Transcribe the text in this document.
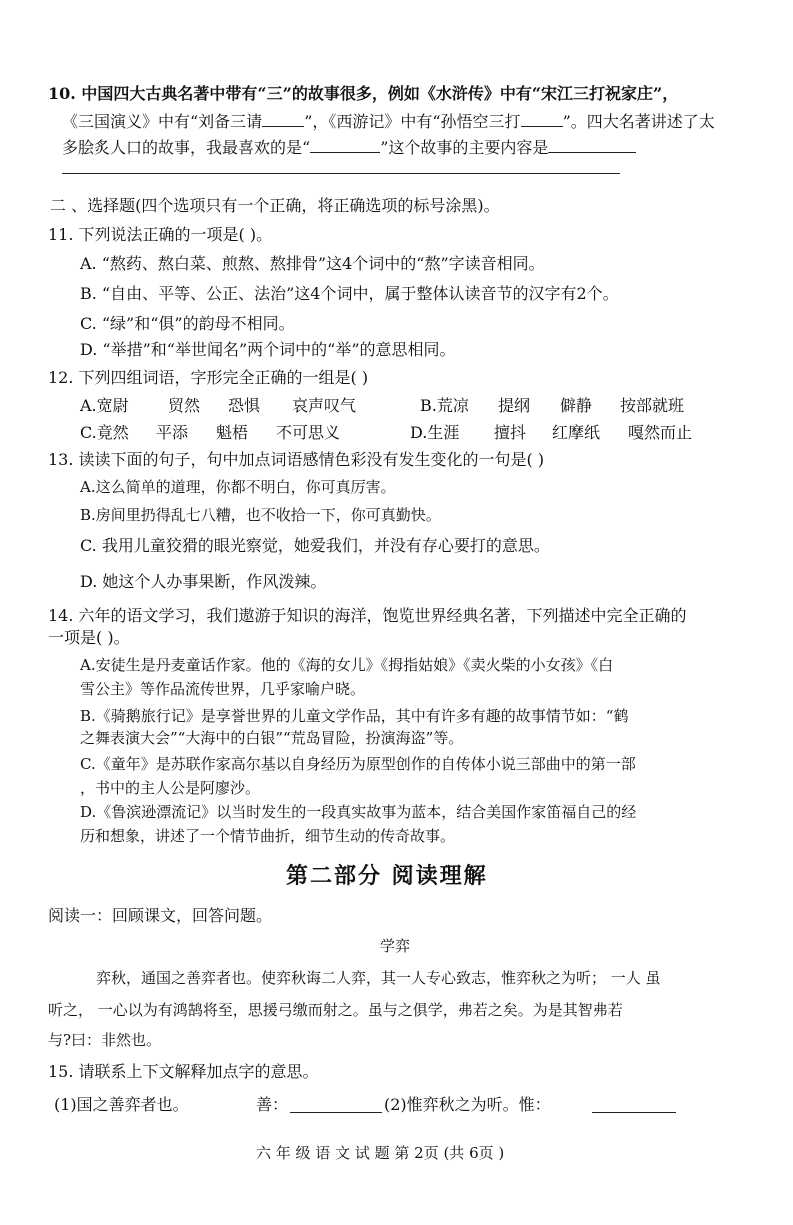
10. 中国四大古典名著中带有“三”的故事很多，例如《水浒传》中有“宋江三打祝家庄”，
《三国演义》中有“刘备三请	”，《西游记》中有“孙悟空三打	”。四大名著讲述了太
多脍炙人口的故事，我最喜欢的是“	”这个故事的主要内容是
二 、选择题(四个选项只有一个正确，将正确选项的标号涂黑)。
11. 下列说法正确的一项是( )。
A. “熬药、熬白菜、煎熬、熬排骨”这4个词中的“熬”字读音相同。
B. “自由、平等、公正、法治”这4个词中，属于整体认读音节的汉字有2个。
C. “绿”和“俱”的韵母不相同。
D. “举措”和“举世闻名”两个词中的“举”的意思相同。
12. 下列四组词语，字形完全正确的一组是( )
A.宽尉 贸然 恐惧 哀声叹气	B.荒凉 提纲 僻静 按部就班
C.竟然 平添 魁梧 不可思义	D.生涯 擅抖 红摩纸 嘎然而止
13. 读读下面的句子，句中加点词语感情色彩没有发生变化的一句是( )
A.这么简单的道理，你都不明白，你可真厉害。
B.房间里扔得乱七八糟，也不收拾一下，你可真勤快。
C. 我用儿童狡猾的眼光察觉，她爱我们，并没有存心要打的意思。
D. 她这个人办事果断，作风泼辣。
14. 六年的语文学习，我们遨游于知识的海洋，饱览世界经典名著，下列描述中完全正确的
一项是( )。
A.安徒生是丹麦童话作家。他的《海的女儿》《拇指姑娘》《卖火柴的小女孩》《白
雪公主》等作品流传世界，几乎家喻户晓。
B.《骑鹅旅行记》是享誉世界的儿童文学作品，其中有许多有趣的故事情节如：“鹤
之舞表演大会”“大海中的白银”“荒岛冒险，扮演海盗”等。
C.《童年》是苏联作家高尔基以自身经历为原型创作的自传体小说三部曲中的第一部
，书中的主人公是阿廖沙。
D.《鲁滨逊漂流记》以当时发生的一段真实故事为蓝本，结合美国作家笛福自己的经
历和想象，讲述了一个情节曲折，细节生动的传奇故事。
第二部分 阅读理解
阅读一：回顾课文，回答问题。
学弈
弈秋，通国之善弈者也。使弈秋诲二人弈，其一人专心致志，惟弈秋之为听； 一人 虽
听之， 一心以为有鸿鹄将至，思援弓缴而射之。虽与之俱学，弗若之矣。为是其智弗若
与?曰：非然也。
15. 请联系上下文解释加点字的意思。
(1)国之善弈者也。	善：	(2)惟弈秋之为听。惟：
六 年 级 语 文 试 题 第 2页 (共 6页 )
